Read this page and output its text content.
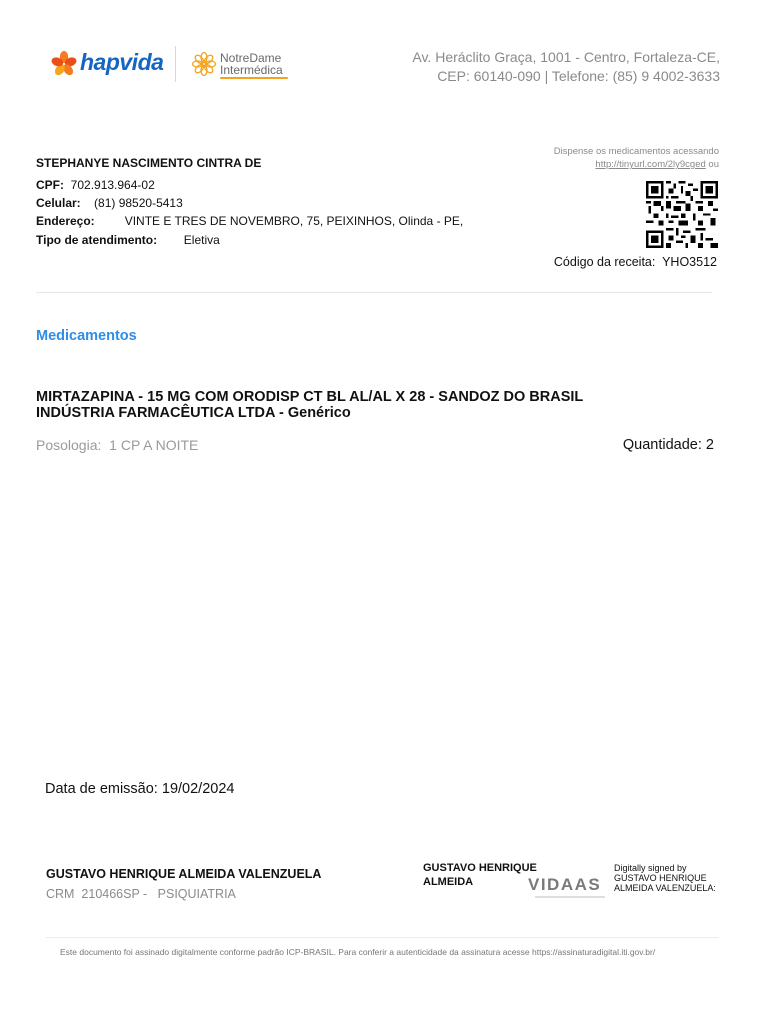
hapvida	NotreDame
Intermédica
Av. Heráclito Graça, 1001 - Centro, Fortaleza-CE,
CEP: 60140-090 | Telefone: (85) 9 4002-3633
STEPHANYE NASCIMENTO CINTRA DE
CPF: 702.913.964-02
Celular: (81) 98520-5413
Endereço:	VINTE E TRES DE NOVEMBRO, 75, PEIXINHOS, Olinda - PE,
Tipo de atendimento: Eletiva
Dispense os medicamentos acessando
http://tinyurl.com/2ly9cged ou
Código da receita: YHO3512
Medicamentos
MIRTAZAPINA - 15 MG COM ORODISP CT BL AL/AL X 28 - SANDOZ DO BRASIL INDÚSTRIA FARMACÊUTICA LTDA - Genérico
Posologia: 1 CP A NOITE	Quantidade: 2
Data de emissão: 19/02/2024
GUSTAVO HENRIQUE ALMEIDA VALENZUELA
CRM 210466SP - PSIQUIATRIA
GUSTAVO HENRIQUE
ALMEIDA	VIDAAS
Digitally signed by
GUSTAVO HENRIQUE
ALMEIDA VALENZUELA:
Este documento foi assinado digitalmente conforme padrão ICP-BRASIL. Para conferir a autenticidade da assinatura acesse https://assinaturadigital.iti.gov.br/
